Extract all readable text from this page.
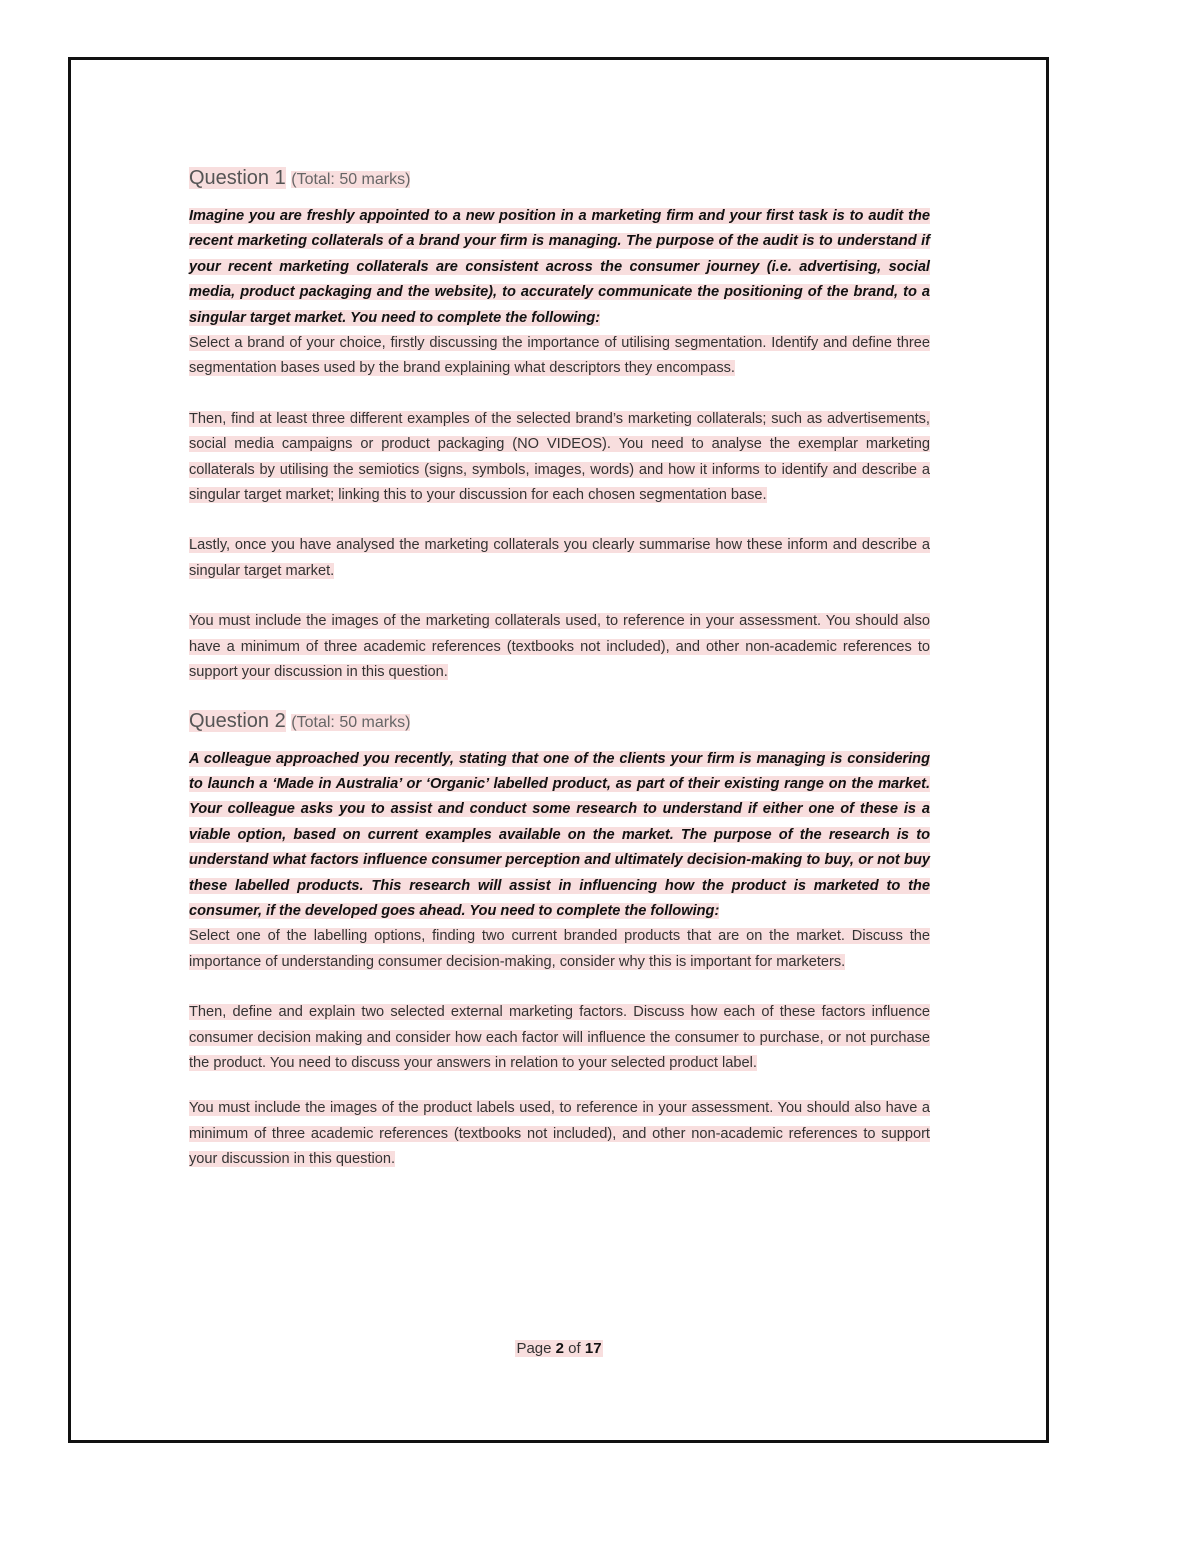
Question 1 (Total: 50 marks)

Imagine you are freshly appointed to a new position in a marketing firm and your first task is to audit the recent marketing collaterals of a brand your firm is managing. The purpose of the audit is to understand if your recent marketing collaterals are consistent across the consumer journey (i.e. advertising, social media, product packaging and the website), to accurately communicate the positioning of the brand, to a singular target market. You need to complete the following:

Select a brand of your choice, firstly discussing the importance of utilising segmentation. Identify and define three segmentation bases used by the brand explaining what descriptors they encompass.

Then, find at least three different examples of the selected brand’s marketing collaterals; such as advertisements, social media campaigns or product packaging (NO VIDEOS). You need to analyse the exemplar marketing collaterals by utilising the semiotics (signs, symbols, images, words) and how it informs to identify and describe a singular target market; linking this to your discussion for each chosen segmentation base.

Lastly, once you have analysed the marketing collaterals you clearly summarise how these inform and describe a singular target market.

You must include the images of the marketing collaterals used, to reference in your assessment. You should also have a minimum of three academic references (textbooks not included), and other non-academic references to support your discussion in this question.

Question 2 (Total: 50 marks)

A colleague approached you recently, stating that one of the clients your firm is managing is considering to launch a ‘Made in Australia’ or ‘Organic’ labelled product, as part of their existing range on the market. Your colleague asks you to assist and conduct some research to understand if either one of these is a viable option, based on current examples available on the market. The purpose of the research is to understand what factors influence consumer perception and ultimately decision-making to buy, or not buy these labelled products. This research will assist in influencing how the product is marketed to the consumer, if the developed goes ahead. You need to complete the following:

Select one of the labelling options, finding two current branded products that are on the market. Discuss the importance of understanding consumer decision-making, consider why this is important for marketers.

Then, define and explain two selected external marketing factors. Discuss how each of these factors influence consumer decision making and consider how each factor will influence the consumer to purchase, or not purchase the product. You need to discuss your answers in relation to your selected product label.

You must include the images of the product labels used, to reference in your assessment. You should also have a minimum of three academic references (textbooks not included), and other non-academic references to support your discussion in this question.

Page 2 of 17
